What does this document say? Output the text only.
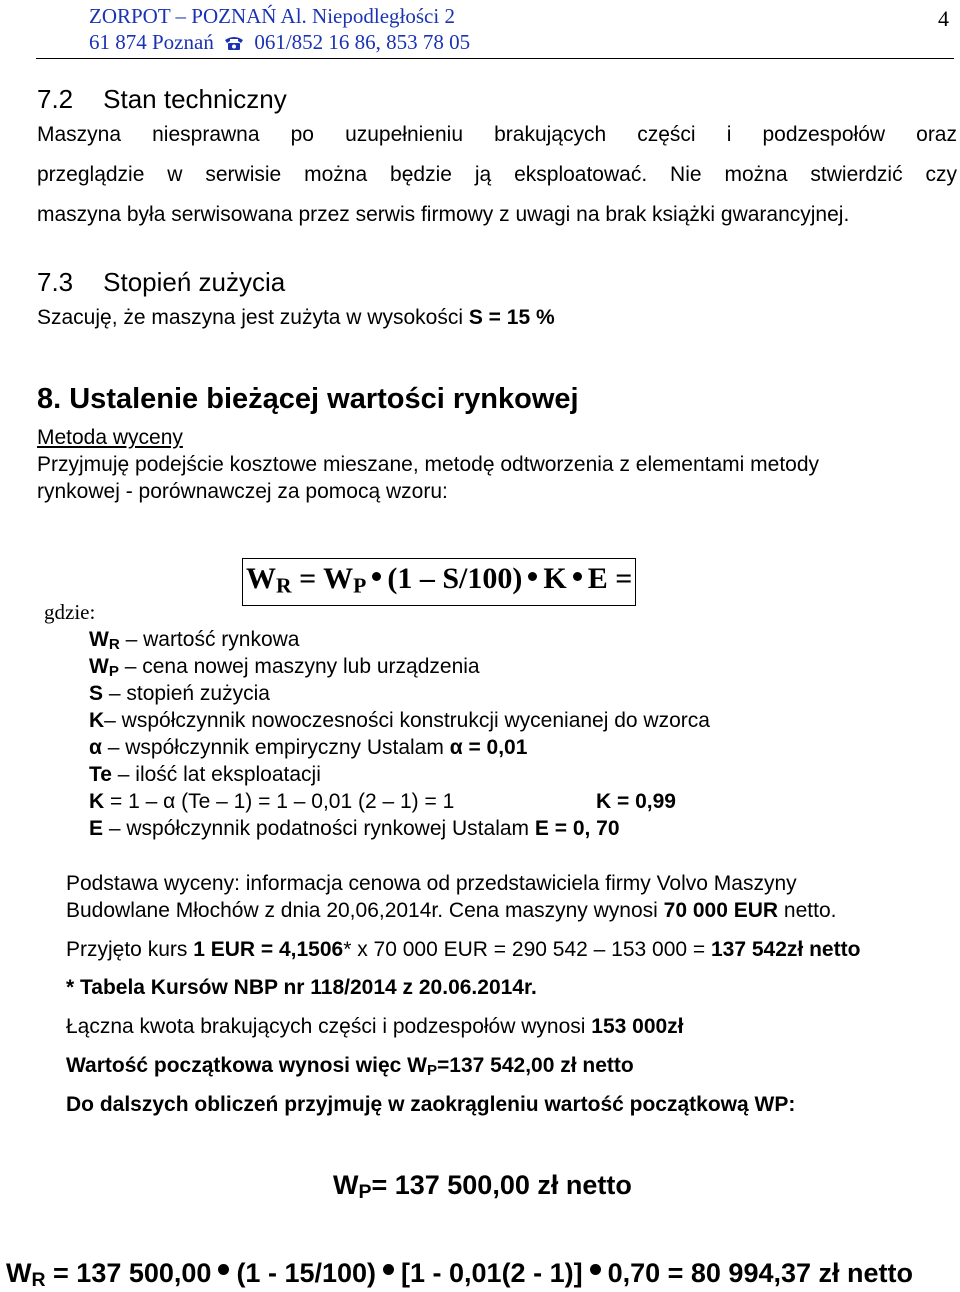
ZORPOT – POZNAŃ Al. Niepodległości 2
61 874 Poznań 061/852 16 86, 853 78 05
4
7.2 Stan techniczny
Maszyna niesprawna po uzupełnieniu brakujących części i podzespołów oraz
przeglądzie w serwisie można będzie ją eksploatować. Nie można stwierdzić czy
maszyna była serwisowana przez serwis firmowy z uwagi na brak książki gwarancyjnej.
7.3 Stopień zużycia
Szacuję, że maszyna jest zużyta w wysokości S = 15 %
8. Ustalenie bieżącej wartości rynkowej
Metoda wyceny
Przyjmuję podejście kosztowe mieszane, metodę odtworzenia z elementami metody
rynkowej - porównawczej za pomocą wzoru:
$W_R = W_P$ (1 – S/100) K E =
gdzie:
$W_R$ – wartość rynkowa
$W_P$ – cena nowej maszyny lub urządzenia
S – stopień zużycia
K– współczynnik nowoczesności konstrukcji wycenianej do wzorca
α – współczynnik empiryczny Ustalam α = 0,01
Te – ilość lat eksploatacji
K = 1 – α (Te – 1) = 1 – 0,01 (2 – 1) = 1	K = 0,99
E – współczynnik podatności rynkowej Ustalam E = 0, 70
Podstawa wyceny: informacja cenowa od przedstawiciela firmy Volvo Maszyny
Budowlane Młochów z dnia 20,06,2014r. Cena maszyny wynosi 70 000 EUR netto.
Przyjęto kurs 1 EUR = 4,1506* x 70 000 EUR = 290 542 – 153 000 = 137 542zł netto
* Tabela Kursów NBP nr 118/2014 z 20.06.2014r.
Łączna kwota brakujących części i podzespołów wynosi 153 000zł
Wartość początkowa wynosi więc $W_P=137$ 542,00 zł netto
Do dalszych obliczeń przyjmuję w zaokrągleniu wartość początkową WP:
$W_P= 137$ 500,00 zł netto
$W_R = 137$ 500,00 (1 - 15/100) [1 - 0,01(2 - 1)] 0,70 = 80 994,37 zł netto
